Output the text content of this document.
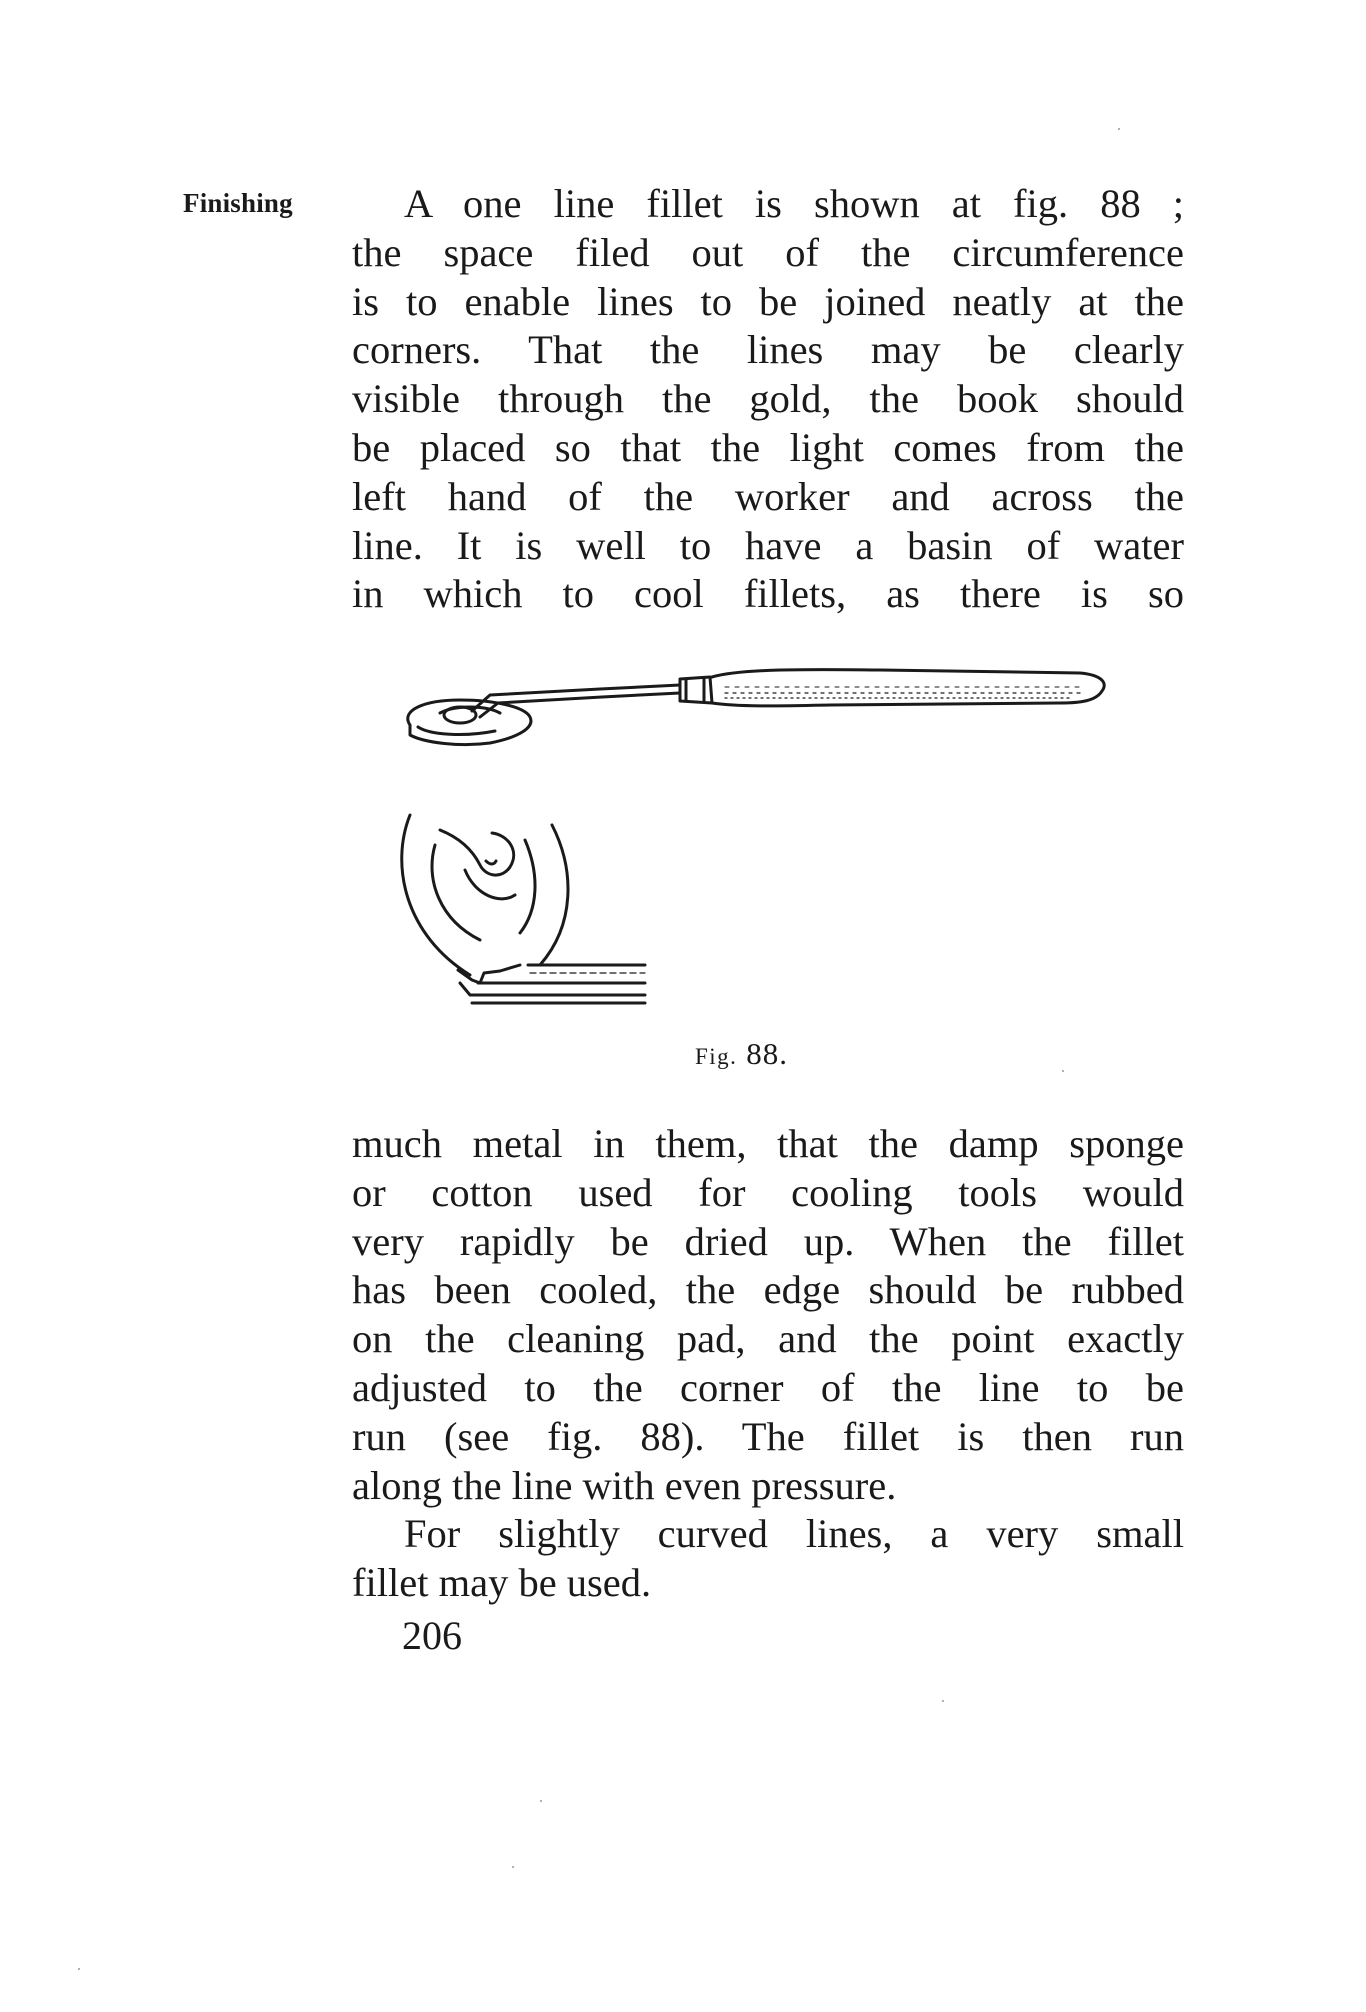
Finishing	A one line fillet is shown at fig. 88 ;

the space filed out of the circumference

is to enable lines to be joined neatly at the

corners. That the lines may be clearly

visible through the gold, the book should

be placed so that the light comes from the

left hand of the worker and across the

line. It is well to have a basin of water

in which to cool fillets, as there is so

Fig. 88.

much metal in them, that the damp sponge

or cotton used for cooling tools would

very rapidly be dried up. When the fillet

has been cooled, the edge should be rubbed

on the cleaning pad, and the point exactly

adjusted to the corner of the line to be

run (see fig. 88). The fillet is then run

along the line with even pressure.

For slightly curved lines, a very small

fillet may be used.

206
